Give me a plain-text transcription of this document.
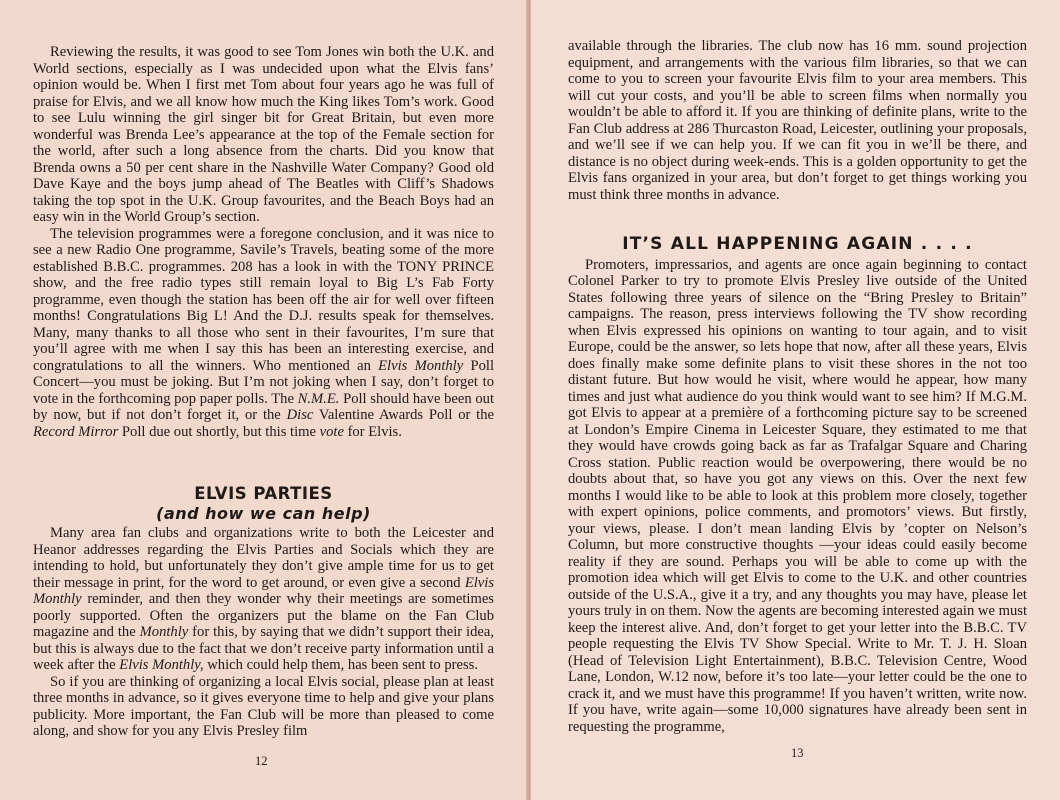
Reviewing the results, it was good to see Tom Jones win both the U.K. and World sections, especially as I was undecided upon what the Elvis fans’ opinion would be. When I first met Tom about four years ago he was full of praise for Elvis, and we all know how much the King likes Tom’s work. Good to see Lulu winning the girl singer bit for Great Britain, but even more wonderful was Brenda Lee’s appearance at the top of the Female section for the world, after such a long absence from the charts. Did you know that Brenda owns a 50 per cent share in the Nashville Water Company? Good old Dave Kaye and the boys jump ahead of The Beatles with Cliff’s Shadows taking the top spot in the U.K. Group favourites, and the Beach Boys had an easy win in the World Group’s section.

The television programmes were a foregone conclusion, and it was nice to see a new Radio One programme, Savile’s Travels, beating some of the more established B.B.C. programmes. 208 has a look in with the TONY PRINCE show, and the free radio types still remain loyal to Big L’s Fab Forty programme, even though the station has been off the air for well over fifteen months! Congratulations Big L! And the D.J. results speak for themselves. Many, many thanks to all those who sent in their favourites, I’m sure that you’ll agree with me when I say this has been an interesting exercise, and congratulations to all the winners. Who mentioned an Elvis Monthly Poll Concert—you must be joking. But I’m not joking when I say, don’t forget to vote in the forthcoming pop paper polls. The N.M.E. Poll should have been out by now, but if not don’t forget it, or the Disc Valentine Awards Poll or the Record Mirror Poll due out shortly, but this time vote for Elvis.

ELVIS PARTIES

(and how we can help)

Many area fan clubs and organizations write to both the Leicester and Heanor addresses regarding the Elvis Parties and Socials which they are intending to hold, but unfortunately they don’t give ample time for us to get their message in print, for the word to get around, or even give a second Elvis Monthly reminder, and then they wonder why their meetings are sometimes poorly supported. Often the organizers put the blame on the Fan Club magazine and the Monthly for this, by saying that we didn’t support their idea, but this is always due to the fact that we don’t receive party information until a week after the Elvis Monthly, which could help them, has been sent to press.

So if you are thinking of organizing a local Elvis social, please plan at least three months in advance, so it gives everyone time to help and give your plans publicity. More important, the Fan Club will be more than pleased to come along, and show for you any Elvis Presley film

12

available through the libraries. The club now has 16 mm. sound projection equipment, and arrangements with the various film libraries, so that we can come to you to screen your favourite Elvis film to your area members. This will cut your costs, and you’ll be able to screen films when normally you wouldn’t be able to afford it. If you are thinking of definite plans, write to the Fan Club address at 286 Thurcaston Road, Leicester, outlining your proposals, and we’ll see if we can help you. If we can fit you in we’ll be there, and distance is no object during week-ends. This is a golden opportunity to get the Elvis fans organized in your area, but don’t forget to get things working you must think three months in advance.

IT’S ALL HAPPENING AGAIN . . . .

Promoters, impressarios, and agents are once again beginning to contact Colonel Parker to try to promote Elvis Presley live outside of the United States following three years of silence on the “Bring Presley to Britain” campaigns. The reason, press interviews following the TV show recording when Elvis expressed his opinions on wanting to tour again, and to visit Europe, could be the answer, so lets hope that now, after all these years, Elvis does finally make some definite plans to visit these shores in the not too distant future. But how would he visit, where would he appear, how many times and just what audience do you think would want to see him? If M.G.M. got Elvis to appear at a première of a forthcoming picture say to be screened at London’s Empire Cinema in Leicester Square, they estimated to me that they would have crowds going back as far as Trafalgar Square and Charing Cross station. Public reaction would be overpowering, there would be no doubts about that, so have you got any views on this. Over the next few months I would like to be able to look at this problem more closely, together with expert opinions, police comments, and promotors’ views. But firstly, your views, please. I don’t mean landing Elvis by ’copter on Nelson’s Column, but more constructive thoughts —your ideas could easily become reality if they are sound. Perhaps you will be able to come up with the promotion idea which will get Elvis to come to the U.K. and other countries outside of the U.S.A., give it a try, and any thoughts you may have, please let yours truly in on them. Now the agents are becoming interested again we must keep the interest alive. And, don’t forget to get your letter into the B.B.C. TV people requesting the Elvis TV Show Special. Write to Mr. T. J. H. Sloan (Head of Television Light Entertainment), B.B.C. Television Centre, Wood Lane, London, W.12 now, before it’s too late—your letter could be the one to crack it, and we must have this programme! If you haven’t written, write now. If you have, write again—some 10,000 signatures have already been sent in requesting the programme,

13
